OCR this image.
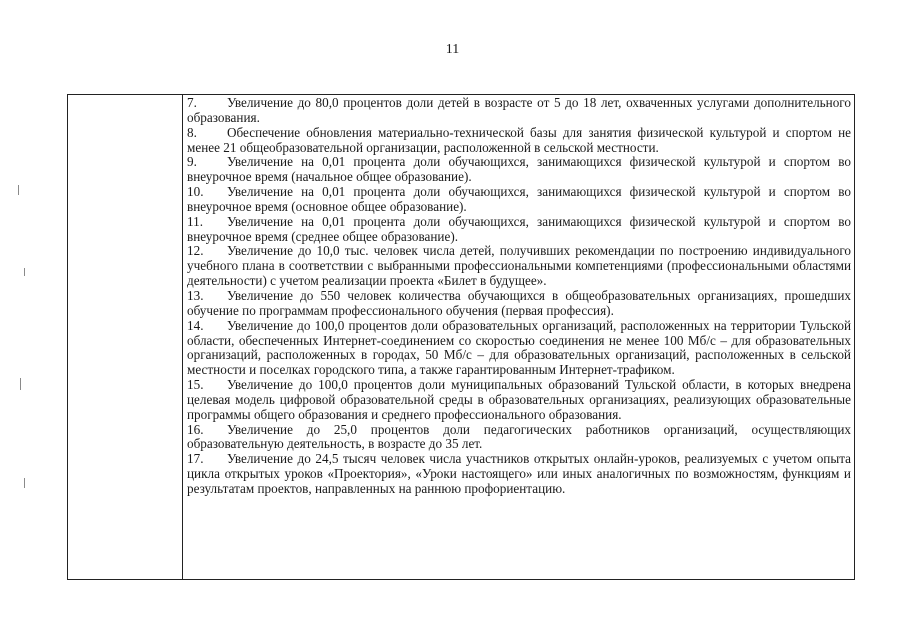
11

7. Увеличение до 80,0 процентов доли детей в возрасте от 5 до 18 лет, охваченных услугами дополнительного образования.

8. Обеспечение обновления материально-технической базы для занятия физической культурой и спортом не менее 21 общеобразовательной организации, расположенной в сельской местности.

9. Увеличение на 0,01 процента доли обучающихся, занимающихся физической культурой и спортом во внеурочное время (начальное общее образование).

10. Увеличение на 0,01 процента доли обучающихся, занимающихся физической культурой и спортом во внеурочное время (основное общее образование).

11. Увеличение на 0,01 процента доли обучающихся, занимающихся физической культурой и спортом во внеурочное время (среднее общее образование).

12. Увеличение до 10,0 тыс. человек числа детей, получивших рекомендации по построению индивидуального учебного плана в соответствии с выбранными профессиональными компетенциями (профессиональными областями деятельности) с учетом реализации проекта «Билет в будущее».

13. Увеличение до 550 человек количества обучающихся в общеобразовательных организациях, прошедших обучение по программам профессионального обучения (первая профессия).

14. Увеличение до 100,0 процентов доли образовательных организаций, расположенных на территории Тульской области, обеспеченных Интернет-соединением со скоростью соединения не менее 100 Мб/с – для образовательных организаций, расположенных в городах, 50 Мб/с – для образовательных организаций, расположенных в сельской местности и поселках городского типа, а также гарантированным Интернет-трафиком.

15. Увеличение до 100,0 процентов доли муниципальных образований Тульской области, в которых внедрена целевая модель цифровой образовательной среды в образовательных организациях, реализующих образовательные программы общего образования и среднего профессионального образования.

16. Увеличение до 25,0 процентов доли педагогических работников организаций, осуществляющих образовательную деятельность, в возрасте до 35 лет.

17. Увеличение до 24,5 тысяч человек числа участников открытых онлайн-уроков, реализуемых с учетом опыта цикла открытых уроков «Проектория», «Уроки настоящего» или иных аналогичных по возможностям, функциям и результатам проектов, направленных на раннюю профориентацию.
